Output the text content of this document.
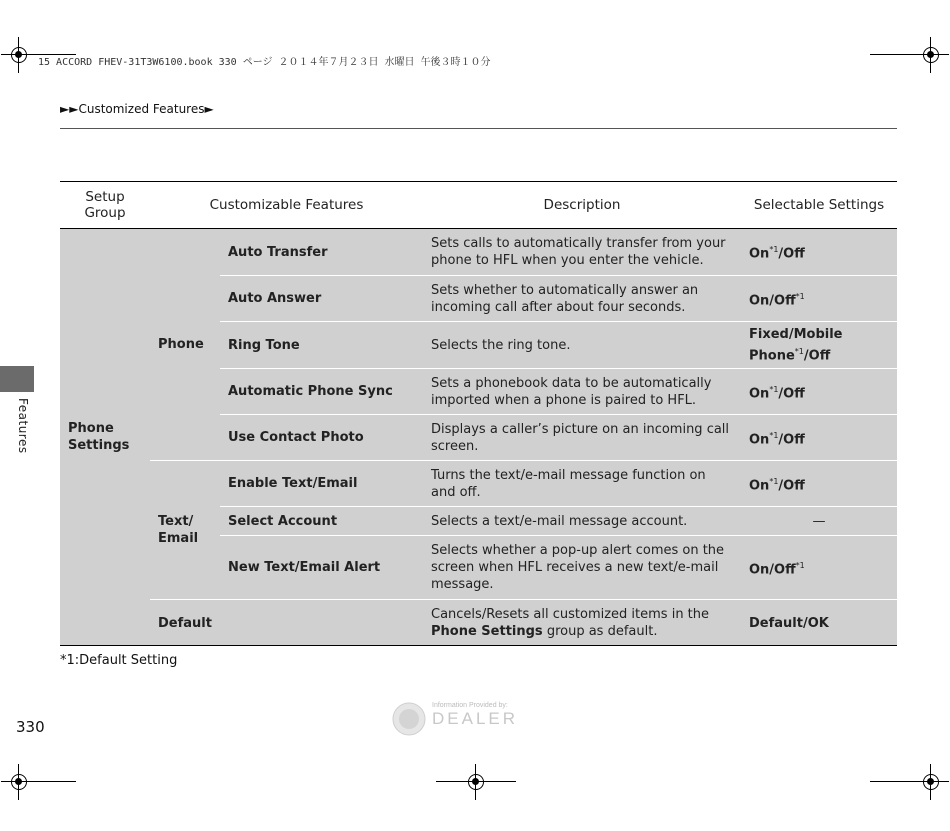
15 ACCORD FHEV-31T3W6100.book 330 ページ ２０１４年７月２３日 水曜日 午後３時１０分
►►Customized Features►
Features
Setup Group	Customizable Features		Description	Selectable Settings
Phone Settings	Phone	Auto Transfer	Sets calls to automatically transfer from your phone to HFL when you enter the vehicle.	On$^{*1}$/Off
		Auto Answer	Sets whether to automatically answer an incoming call after about four seconds.	On/Off$^{*1}$
		Ring Tone	Selects the ring tone.	Fixed/Mobile Phone$^{*1}$/Off
		Automatic Phone Sync	Sets a phonebook data to be automatically imported when a phone is paired to HFL.	On$^{*1}$/Off
		Use Contact Photo	Displays a caller’s picture on an incoming call screen.	On$^{*1}$/Off
	Text/ Email	Enable Text/Email	Turns the text/e-mail message function on and off.	On$^{*1}$/Off
		Select Account	Selects a text/e-mail message account.	—
		New Text/Email Alert	Selects whether a pop-up alert comes on the screen when HFL receives a new text/e-mail message.	On/Off$^{*1}$
	Default		Cancels/Resets all customized items in the Phone Settings group as default.	Default/OK
*1:Default Setting
330
Information Provided by:
DEALER
